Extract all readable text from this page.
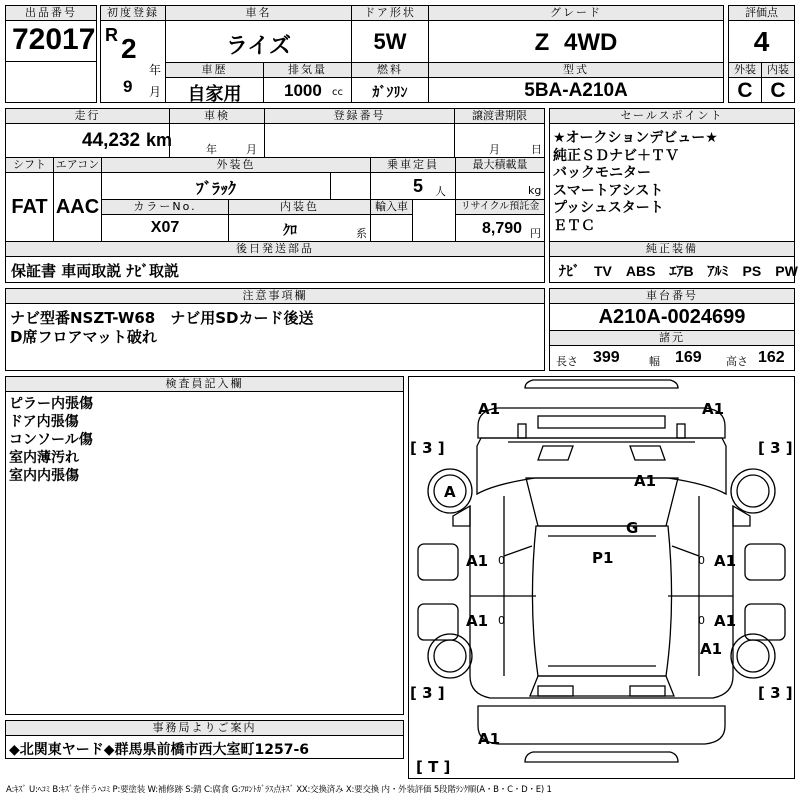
出品番号
72017
初度登録
R 2
年
9 月
車名
ライズ
車歴
自家用
排気量
1000 cc
ドア形状
5W
燃料
ｶﾞｿﾘﾝ
グレード
Z 4WD
型式
5BA-A210A
評価点
4
外装	内装
C C
走行
44,232 km
車検
年	月
登録番号	譲渡書期限
月	日
シフト
FAT
エアコン
AAC
外装色
ﾌﾞﾗｯｸ
乗車定員
5 人
最大積載量
kg
カラーNo.
X07
内装色
ｸﾛ	系
輸入車	リサイクル預託金
8,790 円
後日発送部品
保証書 車両取説 ﾅﾋﾞ取説
セールスポイント
★オークションデビュー★
純正ＳＤナビ＋ＴＶ
バックモニター
スマートアシスト
プッシュスタート
ＥＴＣ
純正装備
ﾅﾋﾞ　TV　ABS　ｴｱB　ｱﾙﾐ　PS　PW
注意事項欄
ナビ型番NSZT-W68　ナビ用SDカード後送
D席フロアマット破れ
車台番号
A210A-0024699
諸元
長さ 399	幅 169 高さ 162
検査員記入欄
ピラー内張傷
ドア内張傷
コンソール傷
室内薄汚れ
室内内張傷
A1	A1
[ 3 ]	[ 3 ]
A
A1
G
P1
A1	A1
A1	A1
A1
[ 3 ]	[ 3 ]
A1
[ T ]
0	0
0	0
事務局よりご案内
◆北関東ヤード◆群馬県前橋市西大室町1257-6
A:ｷｽﾞ U:ﾍｺﾐ B:ｷｽﾞを伴うﾍｺﾐ P:要塗装 W:補修跡 S:錆 C:腐食 G:ﾌﾛﾝﾄｶﾞﾗｽ点ｷｽﾞ XX:交換済み X:要交換 内・外装評価 5段階ﾗﾝｸ順(A・B・C・D・E) 1
